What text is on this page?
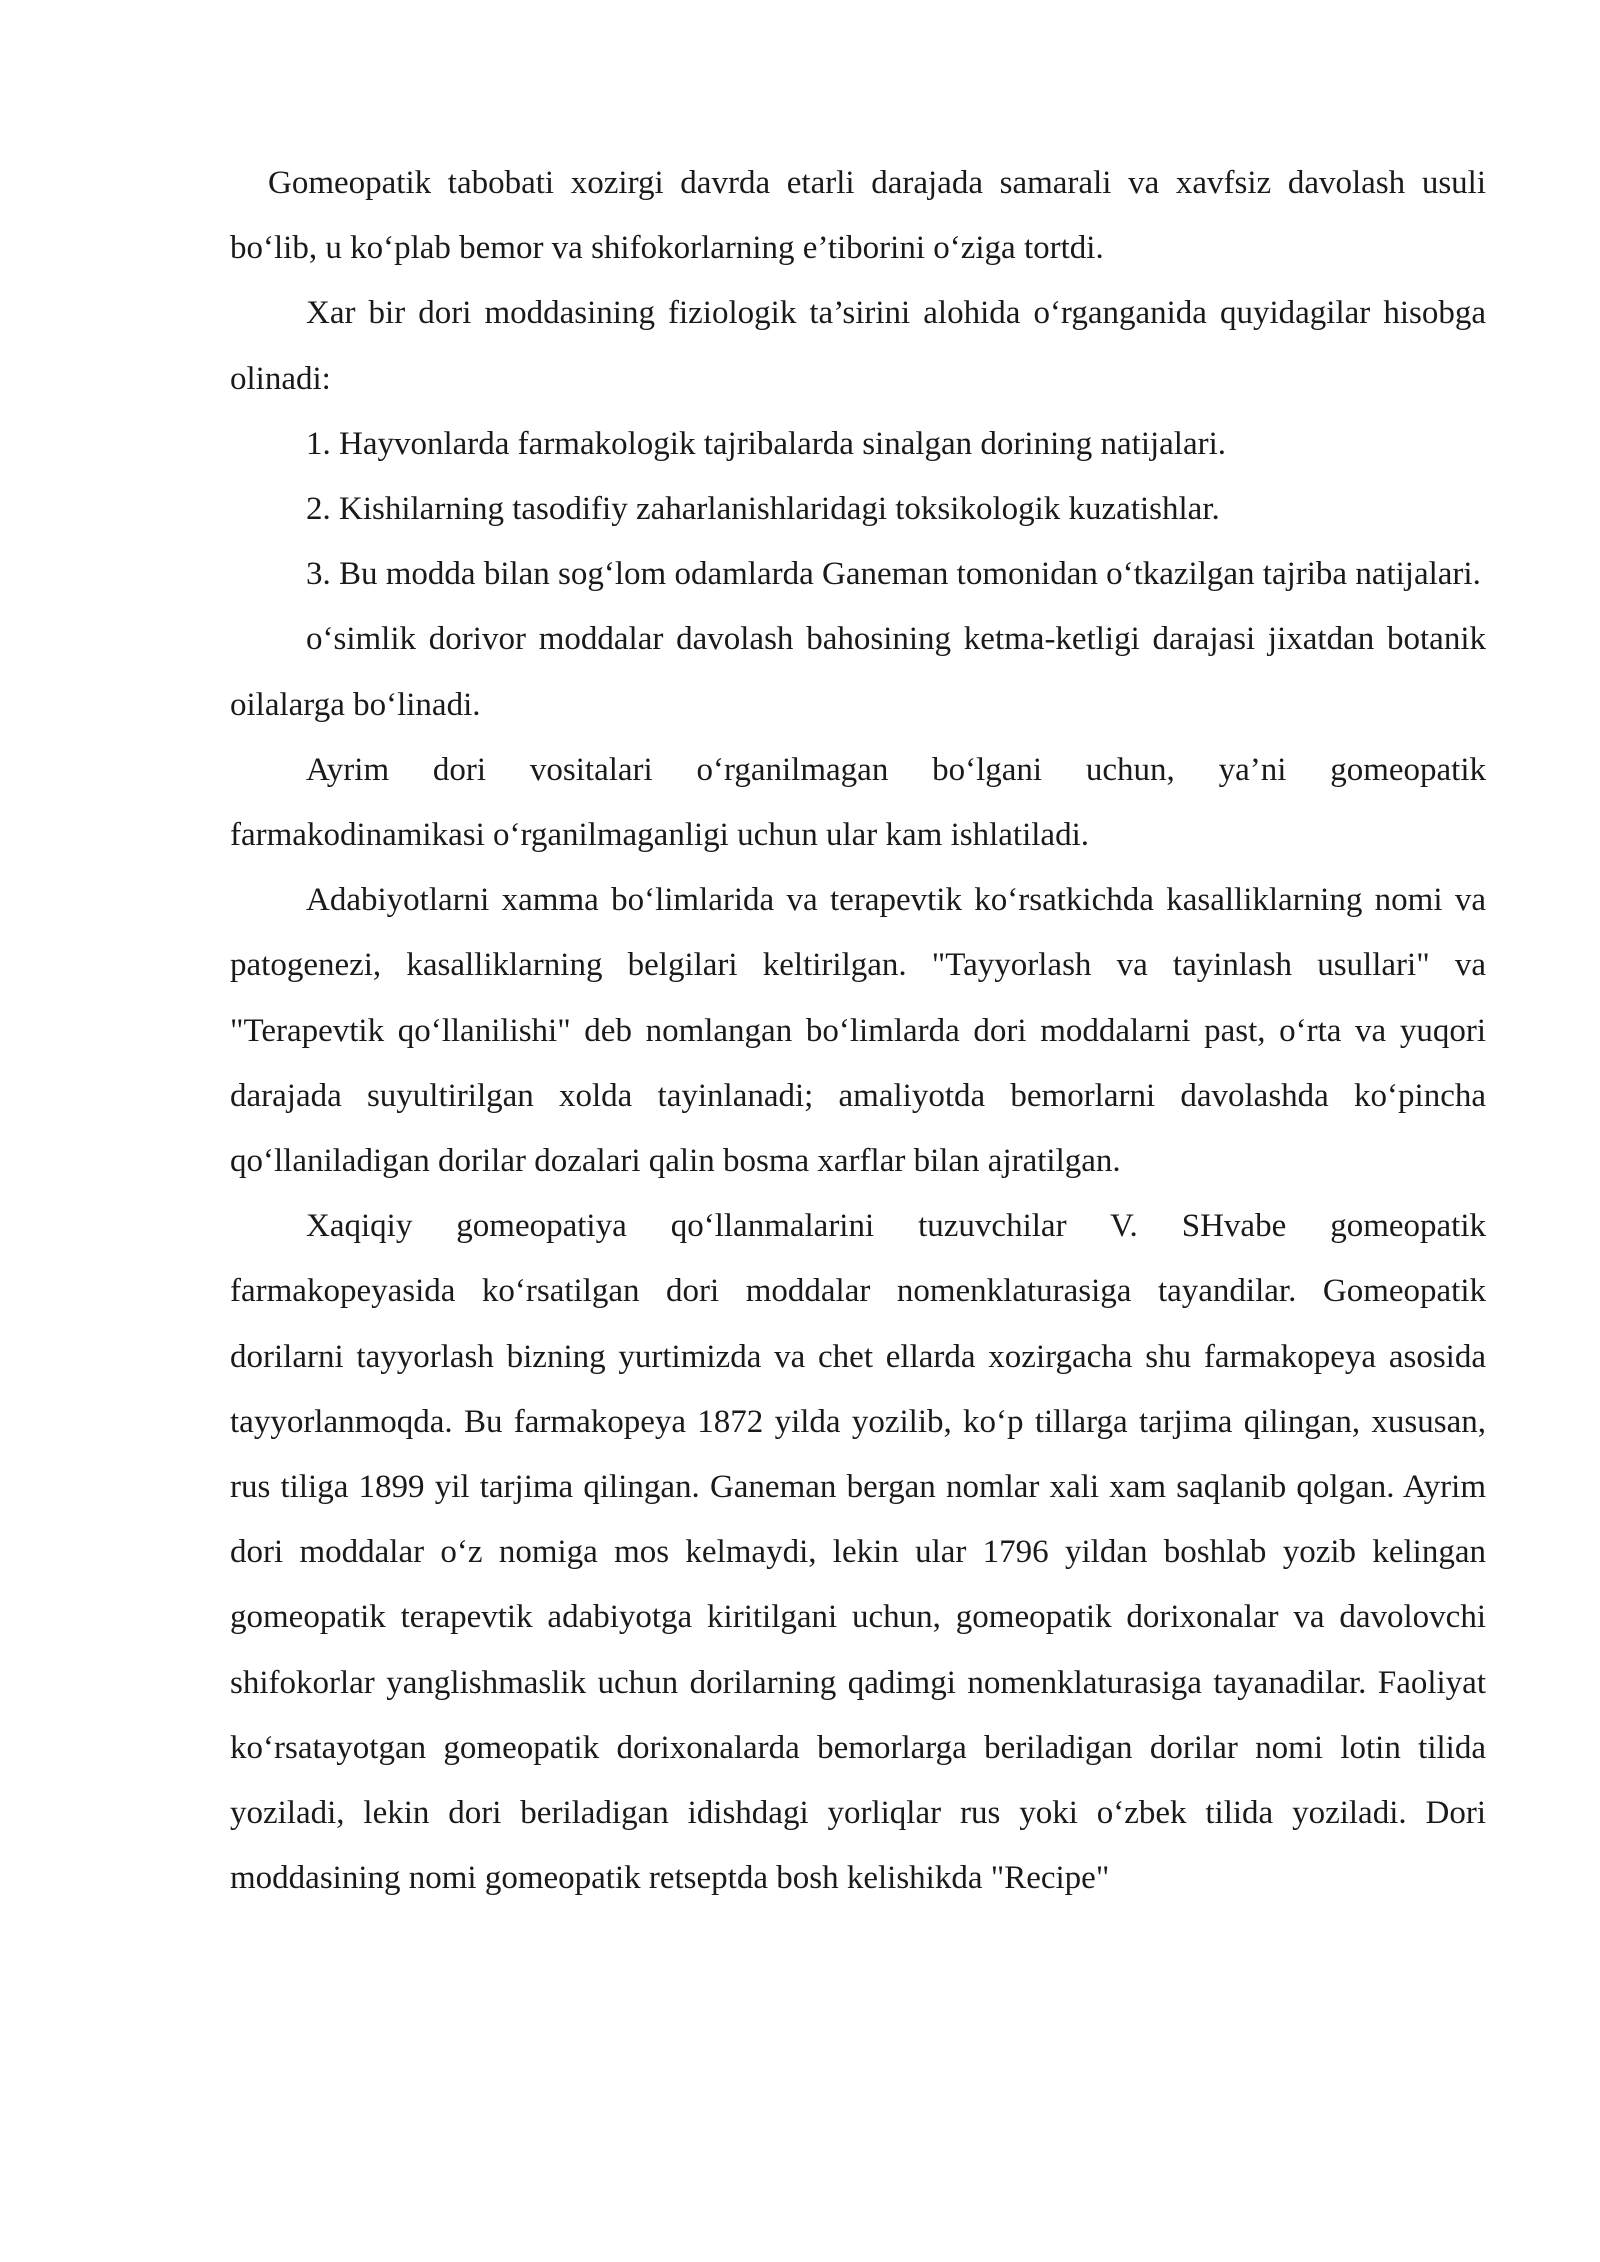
Gomeopatik tabobati xozirgi davrda etarli darajada samarali va xavfsiz davolash usuli bo‘lib, u ko‘plab bemor va shifokorlarning e’tiborini o‘ziga tortdi.

Xar bir dori moddasining fiziologik ta’sirini alohida o‘rganganida quyidagilar hisobga olinadi:

1. Hayvonlarda farmakologik tajribalarda sinalgan dorining natijalari.

2. Kishilarning tasodifiy zaharlanishlaridagi toksikologik kuzatishlar.

3. Bu modda bilan sog‘lom odamlarda Ganeman tomonidan o‘tkazilgan tajriba natijalari.

o‘simlik dorivor moddalar davolash bahosining ketma-ketligi darajasi jixatdan botanik oilalarga bo‘linadi.

Ayrim dori vositalari o‘rganilmagan bo‘lgani uchun, ya’ni gomeopatik farmakodinamikasi o‘rganilmaganligi uchun ular kam ishlatiladi.

Adabiyotlarni xamma bo‘limlarida va terapevtik ko‘rsatkichda kasalliklarning nomi va patogenezi, kasalliklarning belgilari keltirilgan. "Tayyorlash va tayinlash usullari" va "Terapevtik qo‘llanilishi" deb nomlangan bo‘limlarda dori moddalarni past, o‘rta va yuqori darajada suyultirilgan xolda tayinlanadi; amaliyotda bemorlarni davolashda ko‘pincha qo‘llaniladigan dorilar dozalari qalin bosma xarflar bilan ajratilgan.

Xaqiqiy gomeopatiya qo‘llanmalarini tuzuvchilar V. SHvabe gomeopatik farmakopeyasida ko‘rsatilgan dori moddalar nomenklaturasiga tayandilar. Gomeopatik dorilarni tayyorlash bizning yurtimizda va chet ellarda xozirgacha shu farmakopeya asosida tayyorlanmoqda. Bu farmakopeya 1872 yilda yozilib, ko‘p tillarga tarjima qilingan, xususan, rus tiliga 1899 yil tarjima qilingan. Ganeman bergan nomlar xali xam saqlanib qolgan. Ayrim dori moddalar o‘z nomiga mos kelmaydi, lekin ular 1796 yildan boshlab yozib kelingan gomeopatik terapevtik adabiyotga kiritilgani uchun, gomeopatik dorixonalar va davolovchi shifokorlar yanglishmaslik uchun dorilarning qadimgi nomenklaturasiga tayanadilar. Faoliyat ko‘rsatayotgan gomeopatik dorixonalarda bemorlarga beriladigan dorilar nomi lotin tilida yoziladi, lekin dori beriladigan idishdagi yorliqlar rus yoki o‘zbek tilida yoziladi. Dori moddasining nomi gomeopatik retseptda bosh kelishikda "Recipe"
